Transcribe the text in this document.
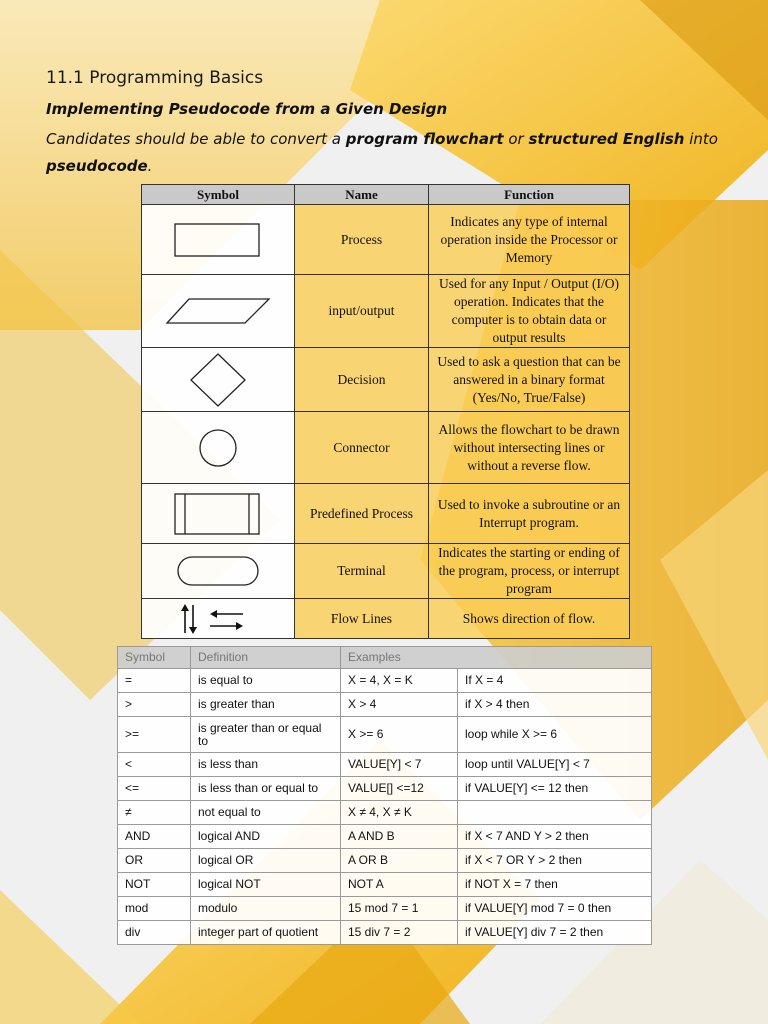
11.1 Programming Basics
Implementing Pseudocode from a Given Design

Candidates should be able to convert a program flowchart or structured English into pseudocode.

Symbol	Name	Function

	Process	Indicates any type of internal operation inside the Processor or Memory

	input/output	Used for any Input / Output (I/O) operation. Indicates that the computer is to obtain data or output results

	Decision	Used to ask a question that can be answered in a binary format (Yes/No, True/False)

	Connector	Allows the flowchart to be drawn without intersecting lines or without a reverse flow.

	Predefined Process	Used to invoke a subroutine or an Interrupt program.

	Terminal	Indicates the starting or ending of the program, process, or interrupt program

	Flow Lines	Shows direction of flow.
Symbol	Definition	Examples	
=	is equal to	X = 4, X = K	If X = 4
>	is greater than	X > 4	if X > 4 then
>=	is greater than or equal to	X >= 6	loop while X >= 6
<	is less than	VALUE[Y] < 7	loop until VALUE[Y] < 7
<=	is less than or equal to	VALUE[] <=12	if VALUE[Y] <= 12 then
≠	not equal to	X ≠ 4, X ≠ K	
AND	logical AND	A AND B	if X < 7 AND Y > 2 then
OR	logical OR	A OR B	if X < 7 OR Y > 2 then
NOT	logical NOT	NOT A	if NOT X = 7 then
mod	modulo	15 mod 7 = 1	if VALUE[Y] mod 7 = 0 then
div	integer part of quotient	15 div 7 = 2	if VALUE[Y] div 7 = 2 then
